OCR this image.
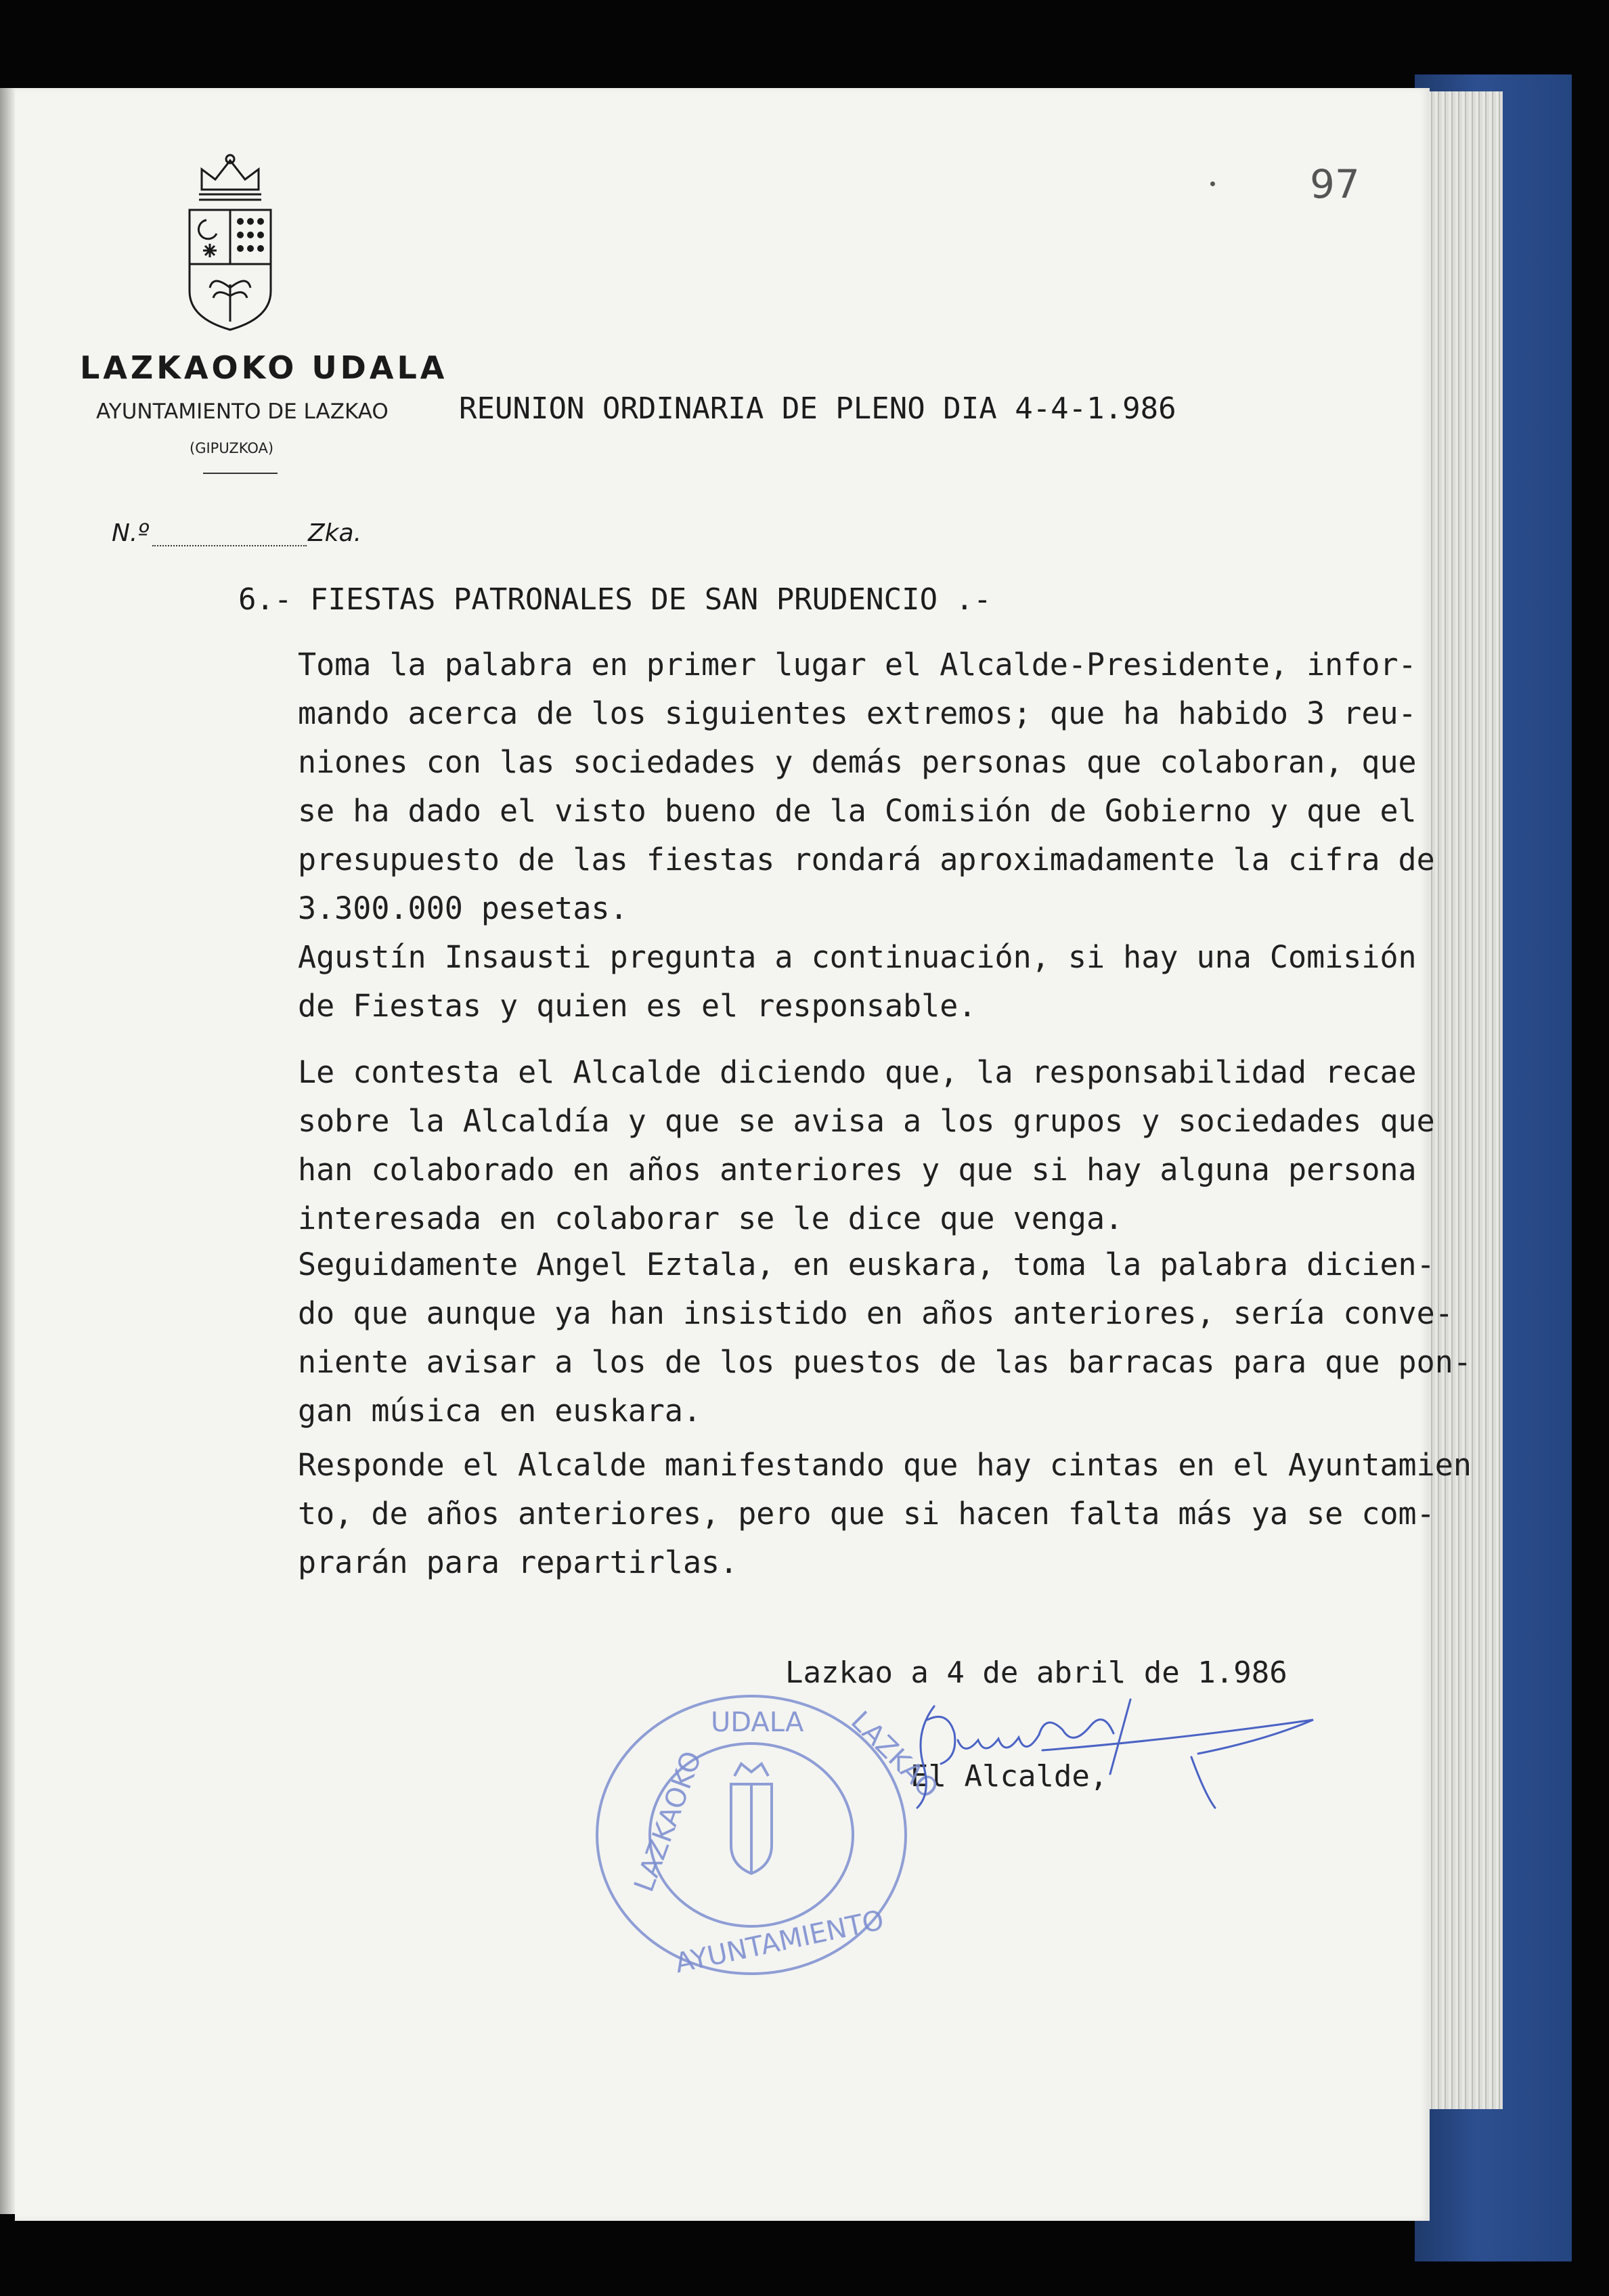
97
LAZKAOKO UDALA
AYUNTAMIENTO DE LAZKAO
(GIPUZKOA)
REUNION ORDINARIA DE PLENO DIA 4-4-1.986
N.º	Zka.
6.- FIESTAS PATRONALES DE SAN PRUDENCIO .-
Toma la palabra en primer lugar el Alcalde-Presidente, infor-
mando acerca de los siguientes extremos; que ha habido 3 reu-
niones con las sociedades y demás personas que colaboran, que
se ha dado el visto bueno de la Comisión de Gobierno y que el
presupuesto de las fiestas rondará aproximadamente la cifra de
3.300.000 pesetas.
Agustín Insausti pregunta a continuación, si hay una Comisión
de Fiestas y quien es el responsable.
Le contesta el Alcalde diciendo que, la responsabilidad recae
sobre la Alcaldía y que se avisa a los grupos y sociedades que
han colaborado en años anteriores y que si hay alguna persona
interesada en colaborar se le dice que venga.
Seguidamente Angel Eztala, en euskara, toma la palabra dicien-
do que aunque ya han insistido en años anteriores, sería conve-
niente avisar a los de los puestos de las barracas para que pon-
gan música en euskara.
Responde el Alcalde manifestando que hay cintas en el Ayuntamien
to, de años anteriores, pero que si hacen falta más ya se com-
prarán para repartirlas.
Lazkao a 4 de abril de 1.986
El Alcalde,
UDALA
LAZKAOKO	LAZKAO
AYUNTAMIENTO
